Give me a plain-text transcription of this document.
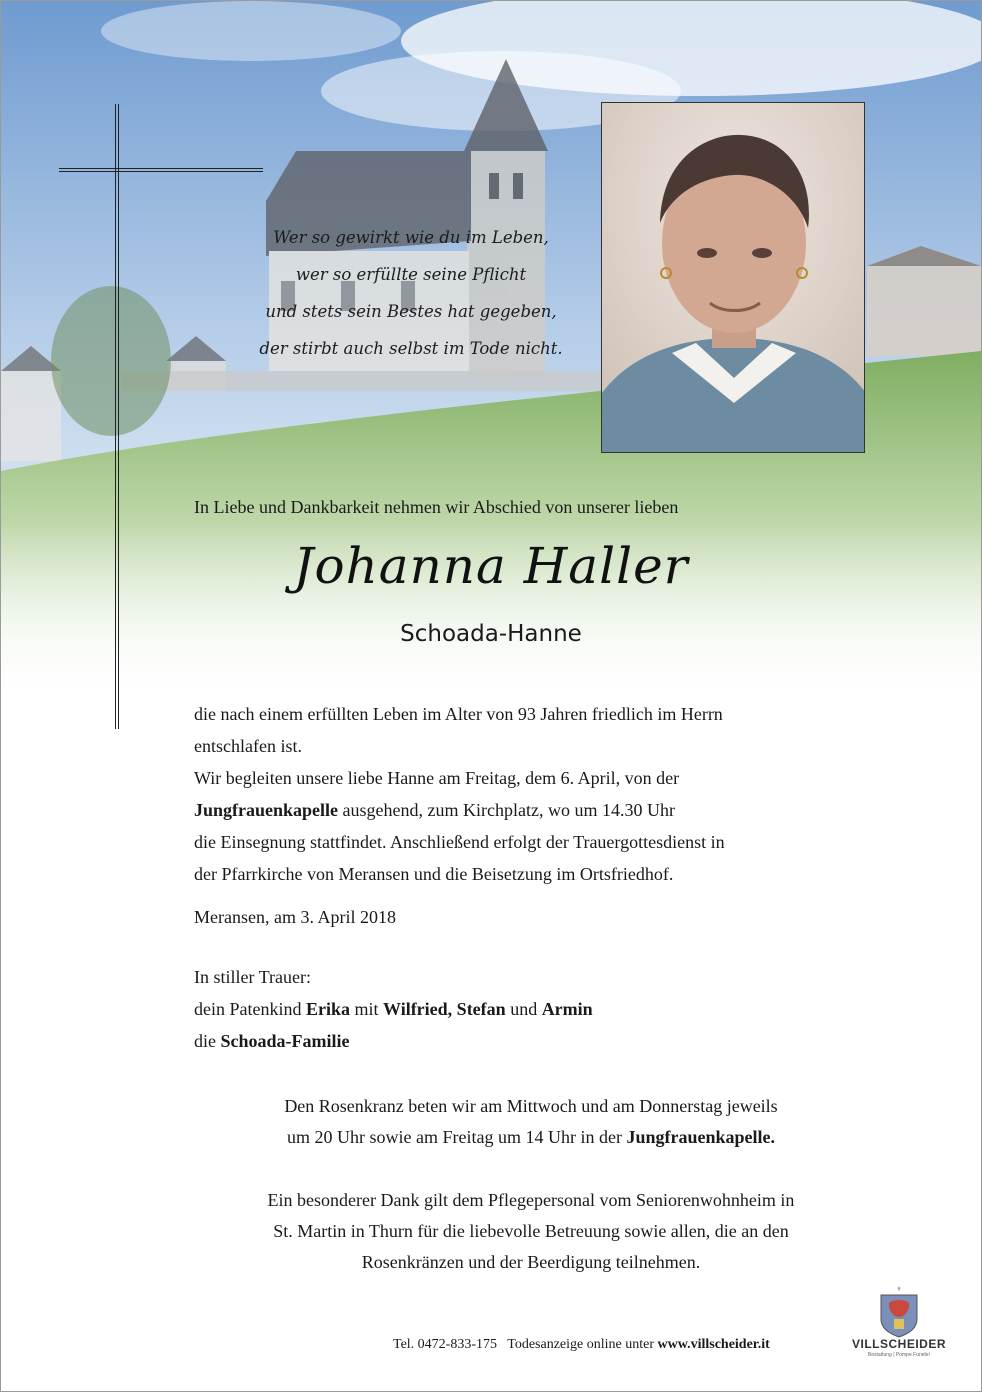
Wer so gewirkt wie du im Leben,
wer so erfüllte seine Pflicht
und stets sein Bestes hat gegeben,
der stirbt auch selbst im Tode nicht.
In Liebe und Dankbarkeit nehmen wir Abschied von unserer lieben
Johanna Haller
Schoada-Hanne
die nach einem erfüllten Leben im Alter von 93 Jahren friedlich im Herrn
entschlafen ist.
Wir begleiten unsere liebe Hanne am Freitag, dem 6. April, von der
Jungfrauenkapelle ausgehend, zum Kirchplatz, wo um 14.30 Uhr
die Einsegnung stattfindet. Anschließend erfolgt der Trauergottesdienst in
der Pfarrkirche von Meransen und die Beisetzung im Ortsfriedhof.
Meransen, am 3. April 2018
In stiller Trauer:
dein Patenkind Erika mit Wilfried, Stefan und Armin
die Schoada-Familie
Den Rosenkranz beten wir am Mittwoch und am Donnerstag jeweils
um 20 Uhr sowie am Freitag um 14 Uhr in der Jungfrauenkapelle.
Ein besonderer Dank gilt dem Pflegepersonal vom Seniorenwohnheim in
St. Martin in Thurn für die liebevolle Betreuung sowie allen, die an den
Rosenkränzen und der Beerdigung teilnehmen.
Tel. 0472-833-175 Todesanzeige online unter www.villscheider.it
✝
VILLSCHEIDER
Bestattung | Pompe Funebri
